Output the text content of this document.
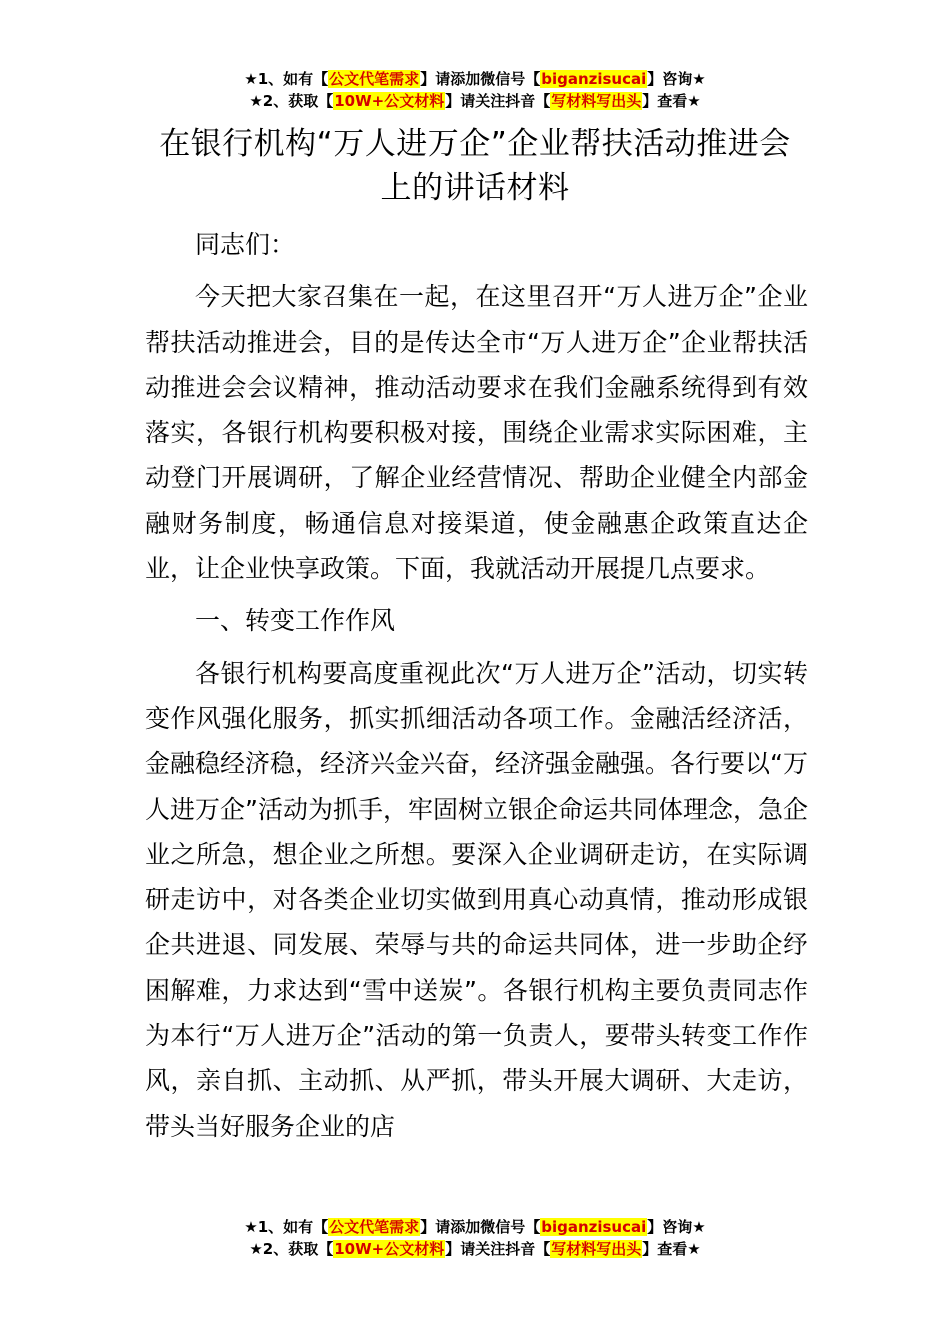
★1、如有【公文代笔需求】请添加微信号【biganzisucai】咨询★
★2、获取【10W+公文材料】请关注抖音【写材料写出头】查看★
在银行机构“万人进万企”企业帮扶活动推进会上的讲话材料

同志们：

今天把大家召集在一起，在这里召开“万人进万企”企业帮扶活动推进会，目的是传达全市“万人进万企”企业帮扶活动推进会会议精神，推动活动要求在我们金融系统得到有效落实，各银行机构要积极对接，围绕企业需求实际困难，主动登门开展调研，了解企业经营情况、帮助企业健全内部金融财务制度，畅通信息对接渠道，使金融惠企政策直达企业，让企业快享政策。下面，我就活动开展提几点要求。

一、转变工作作风

各银行机构要高度重视此次“万人进万企”活动，切实转变作风强化服务，抓实抓细活动各项工作。金融活经济活，金融稳经济稳，经济兴金兴奋，经济强金融强。各行要以“万人进万企”活动为抓手，牢固树立银企命运共同体理念，急企业之所急，想企业之所想。要深入企业调研走访，在实际调研走访中，对各类企业切实做到用真心动真情，推动形成银企共进退、同发展、荣辱与共的命运共同体，进一步助企纾困解难，力求达到“雪中送炭”。各银行机构主要负责同志作为本行“万人进万企”活动的第一负责人，要带头转变工作作风，亲自抓、主动抓、从严抓，带头开展大调研、大走访，带头当好服务企业的店

★1、如有【公文代笔需求】请添加微信号【biganzisucai】咨询★
★2、获取【10W+公文材料】请关注抖音【写材料写出头】查看★
